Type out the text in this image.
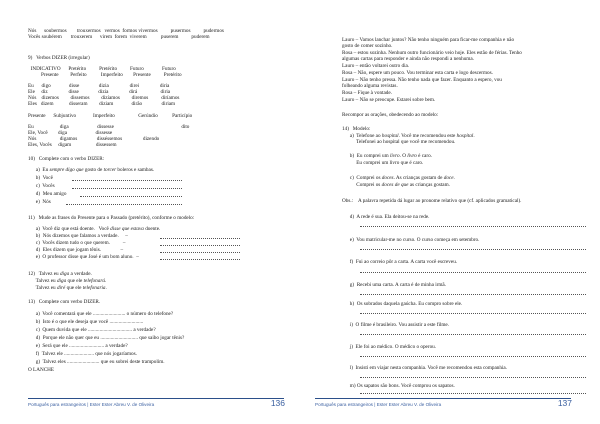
Nós      soubermos        trouxermos   vermos  formos vivermos          pusermos          pudermos
Vocês soubérem       trouxerem      virem  forem  viverem           puserem          puderem
9)   Verbos DIZER (irregular)
INDICATIVO      Pretérito          Pretérito          Futuro              Futuro
Presente         Perfeito           Imperfeito        Presente          Pretérito
Eu      digo              disse               dizia                direi                diria
Ele     diz                disse               dizia                dirá                  diria
Nós    dizemos         dissemos         dizíamos         diremos          diríamos
Eles   dizem            disseram         diziam              dirão               diriam
Presente      Subjuntivo             Imperfeito                  Gerúndio           Particípio
Eu                    diga                      dissesse                                                    dito
Ele, Você        diga                      dissesse
Nós                  digamos               disséssemos                dizendo
Eles, Vocês     digam                   dissessem
10)   Complete com o verbo DIZER:
a)  Eu sempre digo que gosto de torcer boleros e sambas.
b)  Você
c)  Vocês
d)  Meu amigo
e)  Nós
11)   Mude as frases do Presente para o Passado (pretérito), conforme o modelo:
a)  Você diz que está doente.   Você disse que estava doente.
b)  Nós dizemos que falamos a verdade.     –
c)  Vocês dizem tudo o que querem.          –
d)  Eles dizem que jogam tênis.               –
e)  O professor disse que José é um bom aluno.  –
12)   Talvez eu diga a verdade.
Talvez eu diga que ele telefonará.
Talvez eu diré que ele telefonaria.
13)   Complete com verbo DIZER.
a)  Você comentará que ele ......................... o número do telefone?
b)  Isto é o que ele deseja que você ..........................
c)  Quem duvida que ele .................................. a verdade?
d)  Porque ele não quer que eu ............................. que saibo jogar tênis?
e)  Será que ele ........................... a verdade?
f)  Talvez ele ....................... que nós jogaríamos.
g)  Talvez eles ......................... que eu sobrei deste trampolim.
O LANCHE
Português para estrangeiros | Ester Ester Abreu V. de Oliveira	136
Lauro – Vamos lanchar juntos? Não tenho ninguém para ficar-me companhia e não
gosto de comer sozinho.
Rosa – estou sozinha. Nenhum outro funcionário veio hoje. Eles estão de férias. Tenho
algumas cartas para responder e ainda não respondi a nenhuma.
Lauro – então voltarei outro dia.
Rosa – Não, espere um pouco. Vou terminar esta carta e logo descermos.
Lauro – Não tenho pressa. Não tenho nada que fazer. Enquanto a espero, vou
folheando alguma revistas.
Rosa – Fique à vontade.
Lauro – Não se preocupe. Estarei sobre bem.
Recompor as orações, obedecendo ao modelo:
14)   Modelo:
a)  Telefone ao hospital. Você me recomendou este hospital.
Telefonei ao hospital que você me recomendou.
b)  Eu comprei um livro. O livro é caro.
Eu comprei um livro que é caro.
c)  Comprei os doces. As crianças gostam de doce.
Comprei os doces de que as crianças gostam.
Obs.:    A palavra repetida dá lugar ao pronome relativo que (cf. aplicados gramatical).
d)  A rede é sua. Ela deitou-se na rede.
e)  Vou matricular-me no curso. O curso começa em setembro.
f)  Fui ao correio pôr a carta. A carta você escreveu.
g)  Recebi uma carta. A carta é de minha irmã.
h)  Os sobrados daquela gaúcha. Eu compro sobre ele.
i)  O filme é brasileiro. Vou assistir a este filme.
j)  Ele foi ao médico. O médico o operou.
l)  Insisti em viajar nesta companhia. Você me recomendou esta companhia.
m) Os sapatos são bons. Você comprou os sapatos.
Português para estrangeiros | Ester Ester Abreu V. de Oliveira	137
